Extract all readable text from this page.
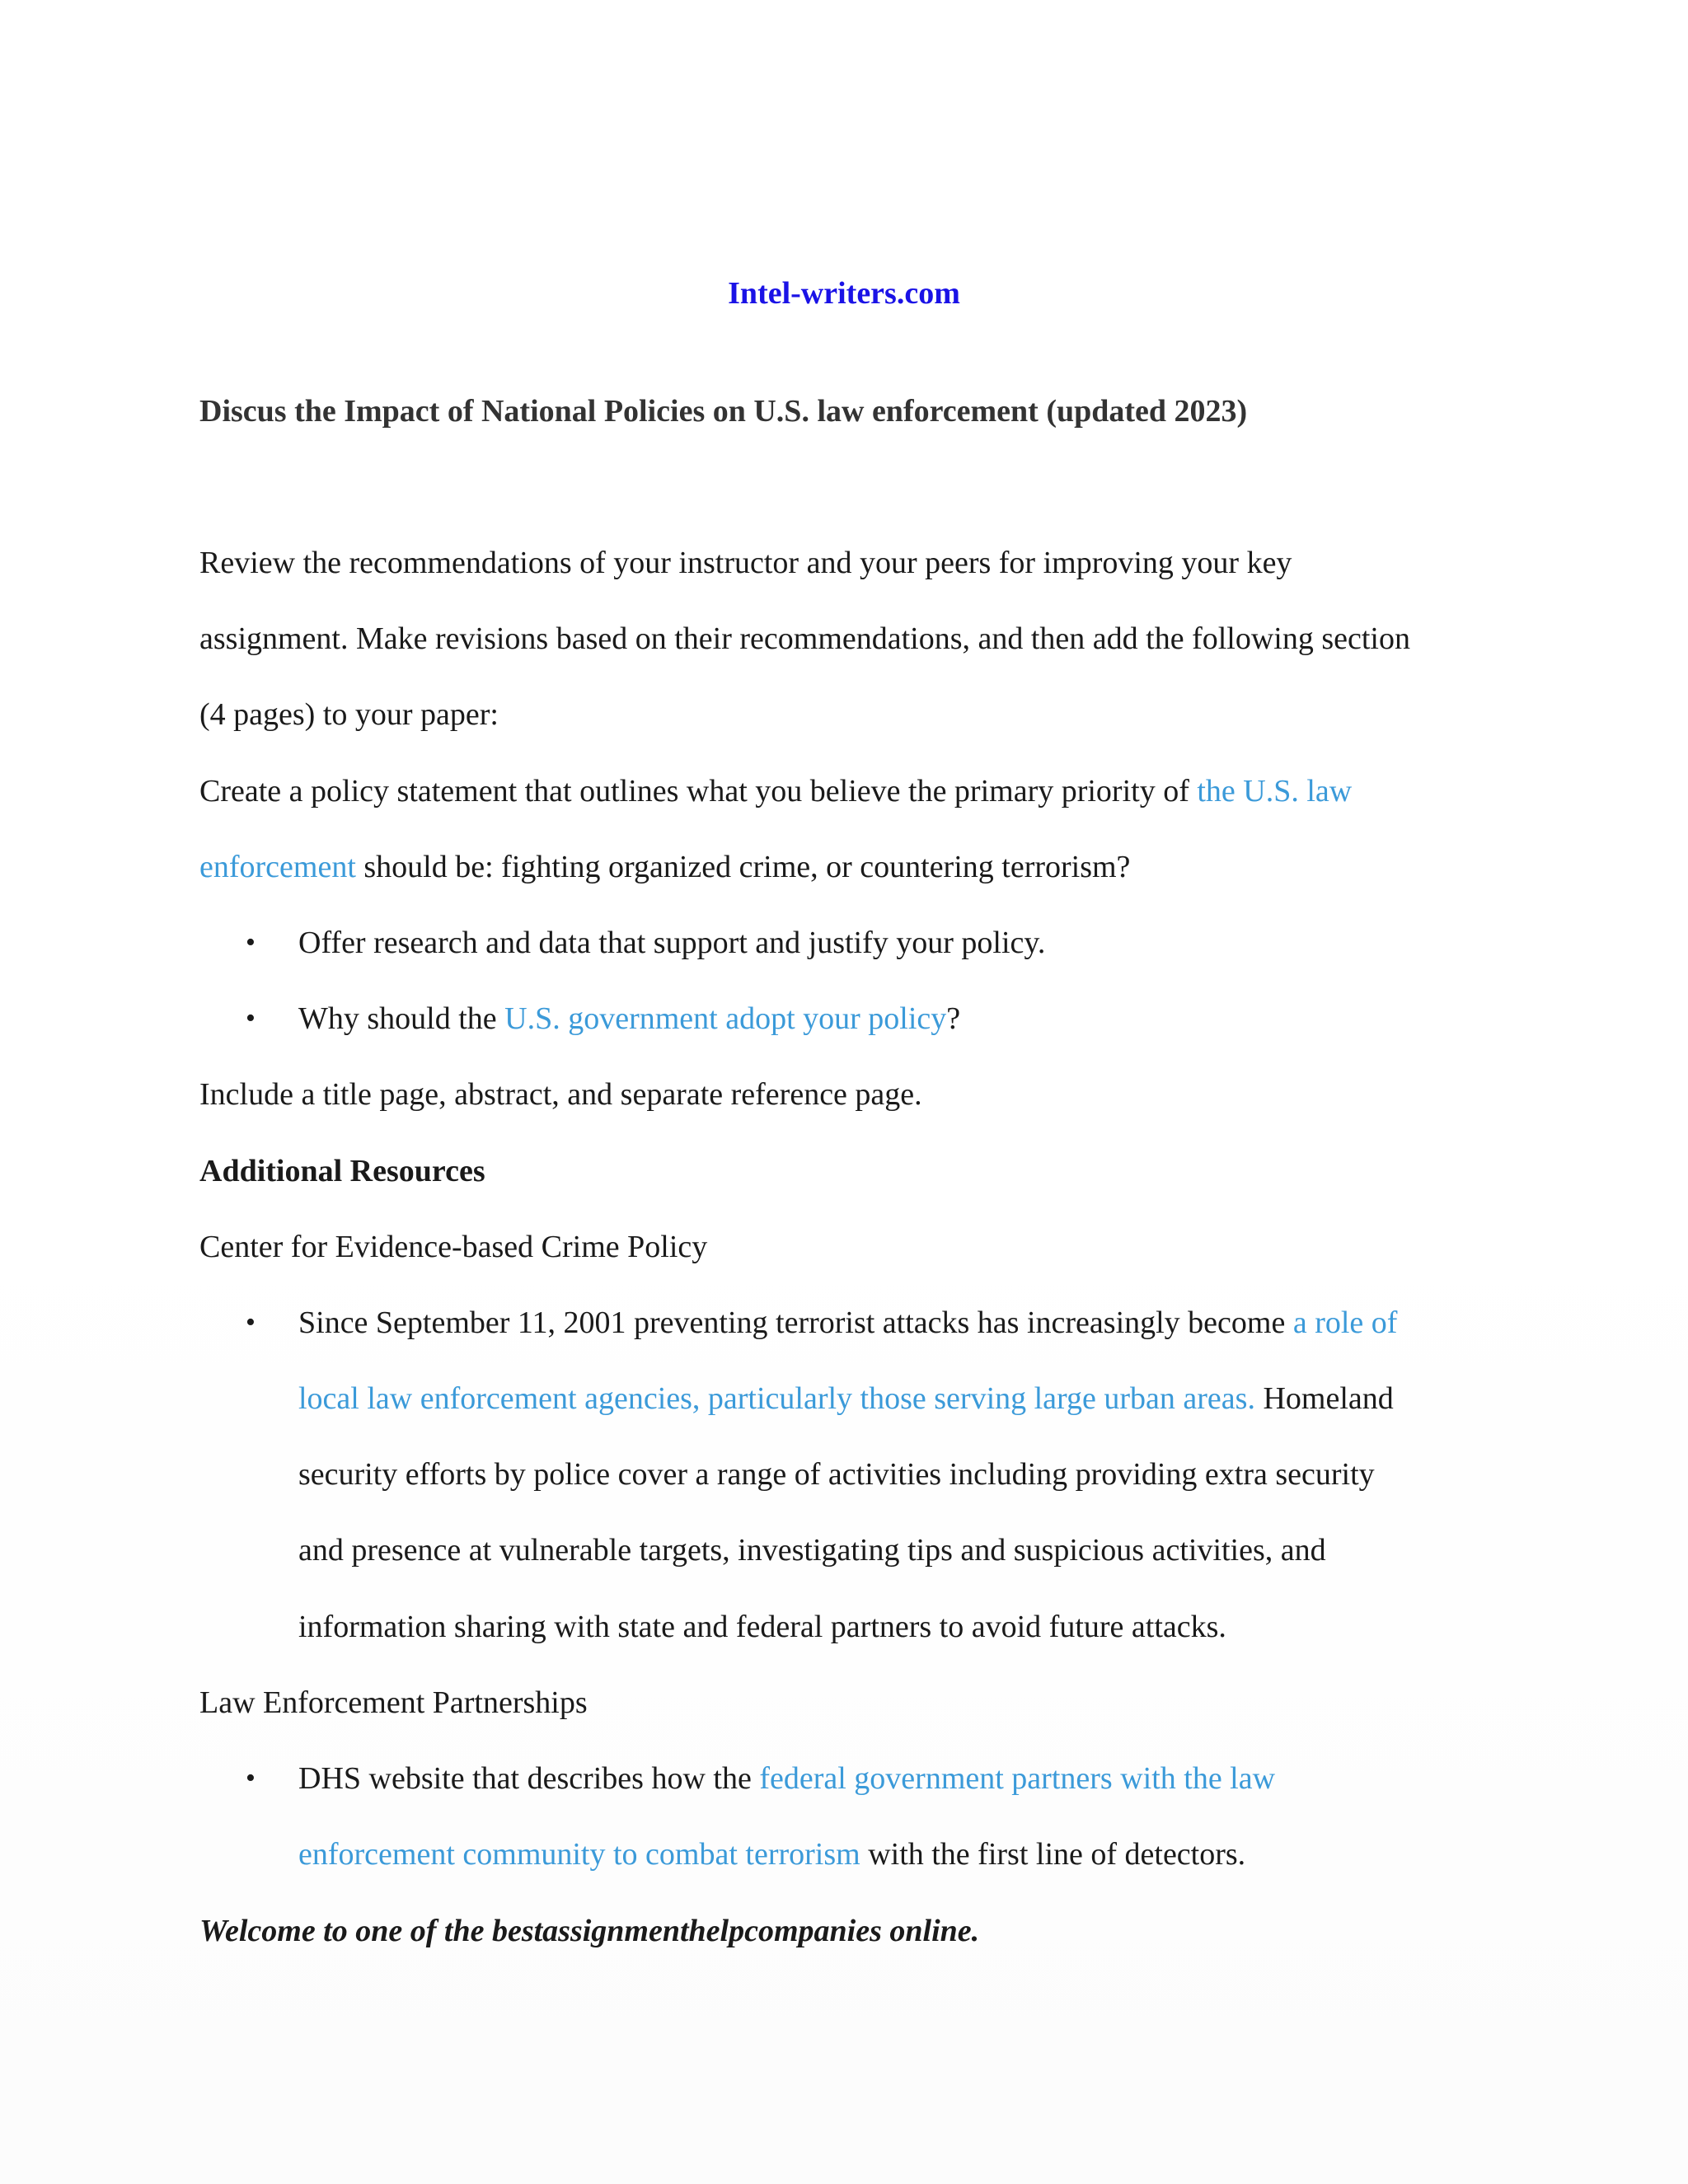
Intel-writers.com
Discus the Impact of National Policies on U.S. law enforcement (updated 2023)
Review the recommendations of your instructor and your peers for improving your key
assignment. Make revisions based on their recommendations, and then add the following section
(4 pages) to your paper:
Create a policy statement that outlines what you believe the primary priority of the U.S. law
enforcement should be: fighting organized crime, or countering terrorism?
• Offer research and data that support and justify your policy.
• Why should the U.S. government adopt your policy?
Include a title page, abstract, and separate reference page.
Additional Resources
Center for Evidence-based Crime Policy
• Since September 11, 2001 preventing terrorist attacks has increasingly become a role of
local law enforcement agencies, particularly those serving large urban areas. Homeland
security efforts by police cover a range of activities including providing extra security
and presence at vulnerable targets, investigating tips and suspicious activities, and
information sharing with state and federal partners to avoid future attacks.
Law Enforcement Partnerships
• DHS website that describes how the federal government partners with the law
enforcement community to combat terrorism with the first line of detectors.
Welcome to one of the bestassignmenthelpcompanies online.
